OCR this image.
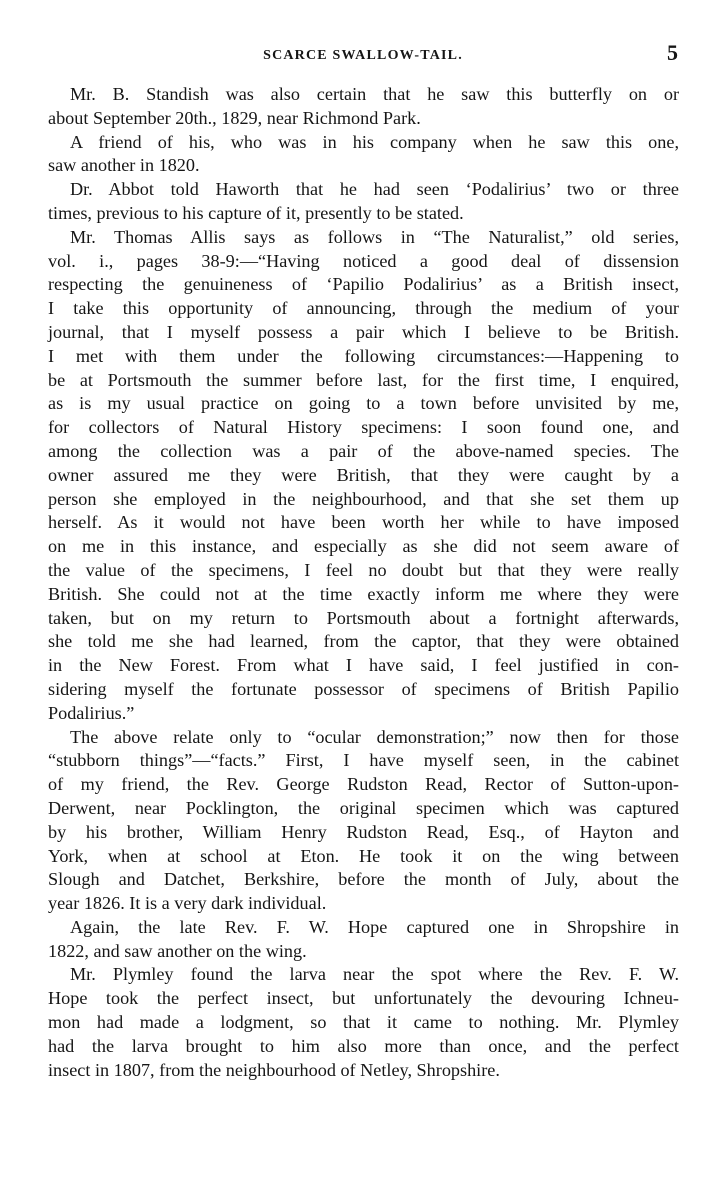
SCARCE SWALLOW-TAIL.	5
Mr. B. Standish was also certain that he saw this butterfly on or
about September 20th., 1829, near Richmond Park.
A friend of his, who was in his company when he saw this one,
saw another in 1820.
Dr. Abbot told Haworth that he had seen ‘Podalirius’ two or three
times, previous to his capture of it, presently to be stated.
Mr. Thomas Allis says as follows in “The Naturalist,” old series,
vol. i., pages 38-9:—“Having noticed a good deal of dissension
respecting the genuineness of ‘Papilio Podalirius’ as a British insect,
I take this opportunity of announcing, through the medium of your
journal, that I myself possess a pair which I believe to be British.
I met with them under the following circumstances:—Happening to
be at Portsmouth the summer before last, for the first time, I enquired,
as is my usual practice on going to a town before unvisited by me,
for collectors of Natural History specimens: I soon found one, and
among the collection was a pair of the above-named species. The
owner assured me they were British, that they were caught by a
person she employed in the neighbourhood, and that she set them up
herself. As it would not have been worth her while to have imposed
on me in this instance, and especially as she did not seem aware of
the value of the specimens, I feel no doubt but that they were really
British. She could not at the time exactly inform me where they were
taken, but on my return to Portsmouth about a fortnight afterwards,
she told me she had learned, from the captor, that they were obtained
in the New Forest. From what I have said, I feel justified in con-
sidering myself the fortunate possessor of specimens of British Papilio
Podalirius.”
The above relate only to “ocular demonstration;” now then for those
“stubborn things”—“facts.” First, I have myself seen, in the cabinet
of my friend, the Rev. George Rudston Read, Rector of Sutton-upon-
Derwent, near Pocklington, the original specimen which was captured
by his brother, William Henry Rudston Read, Esq., of Hayton and
York, when at school at Eton. He took it on the wing between
Slough and Datchet, Berkshire, before the month of July, about the
year 1826. It is a very dark individual.
Again, the late Rev. F. W. Hope captured one in Shropshire in
1822, and saw another on the wing.
Mr. Plymley found the larva near the spot where the Rev. F. W.
Hope took the perfect insect, but unfortunately the devouring Ichneu-
mon had made a lodgment, so that it came to nothing. Mr. Plymley
had the larva brought to him also more than once, and the perfect
insect in 1807, from the neighbourhood of Netley, Shropshire.
